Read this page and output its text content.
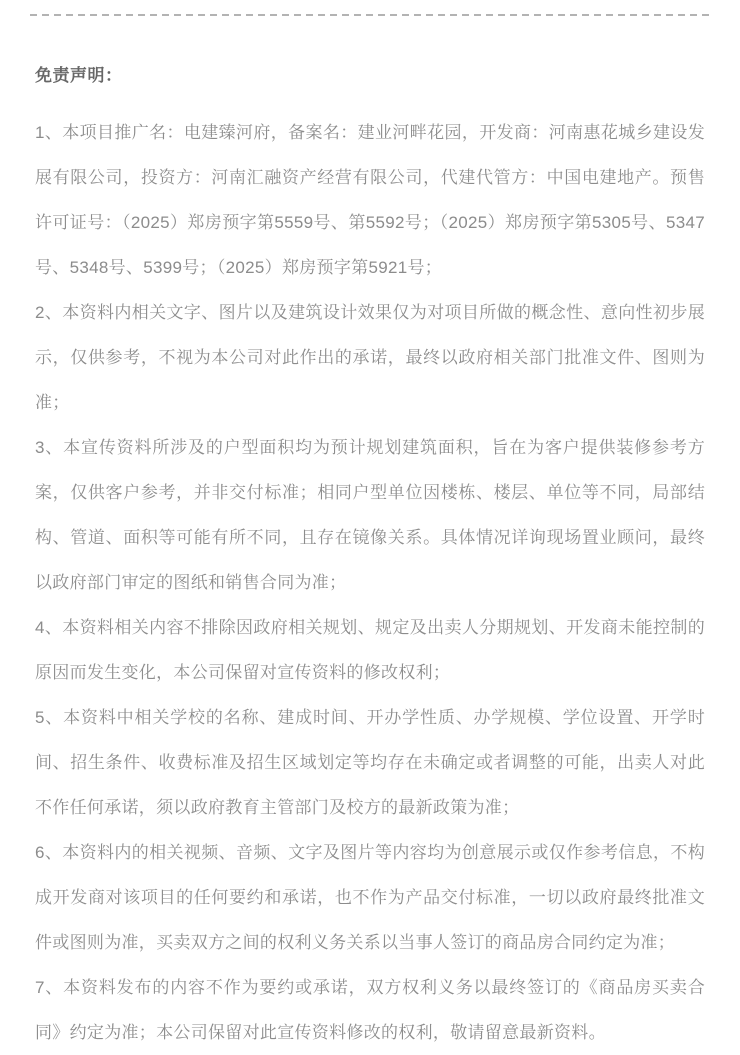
免责声明：

1、本项目推广名：电建臻河府，备案名：建业河畔花园，开发商：河南惠花城乡建设发展有限公司，投资方：河南汇融资产经营有限公司，代建代管方：中国电建地产。预售许可证号：（2025）郑房预字第5559号、第5592号；（2025）郑房预字第5305号、5347号、5348号、5399号；（2025）郑房预字第5921号；

2、本资料内相关文字、图片以及建筑设计效果仅为对项目所做的概念性、意向性初步展示，仅供参考，不视为本公司对此作出的承诺，最终以政府相关部门批准文件、图则为准；

3、本宣传资料所涉及的户型面积均为预计规划建筑面积，旨在为客户提供装修参考方案，仅供客户参考，并非交付标准；相同户型单位因楼栋、楼层、单位等不同，局部结构、管道、面积等可能有所不同，且存在镜像关系。具体情况详询现场置业顾问，最终以政府部门审定的图纸和销售合同为准；

4、本资料相关内容不排除因政府相关规划、规定及出卖人分期规划、开发商未能控制的原因而发生变化，本公司保留对宣传资料的修改权利；

5、本资料中相关学校的名称、建成时间、开办学性质、办学规模、学位设置、开学时间、招生条件、收费标准及招生区域划定等均存在未确定或者调整的可能，出卖人对此不作任何承诺，须以政府教育主管部门及校方的最新政策为准；

6、本资料内的相关视频、音频、文字及图片等内容均为创意展示或仅作参考信息，不构成开发商对该项目的任何要约和承诺，也不作为产品交付标准，一切以政府最终批准文件或图则为准，买卖双方之间的权利义务关系以当事人签订的商品房合同约定为准；

7、本资料发布的内容不作为要约或承诺，双方权利义务以最终签订的《商品房买卖合同》约定为准；本公司保留对此宣传资料修改的权利，敬请留意最新资料。
